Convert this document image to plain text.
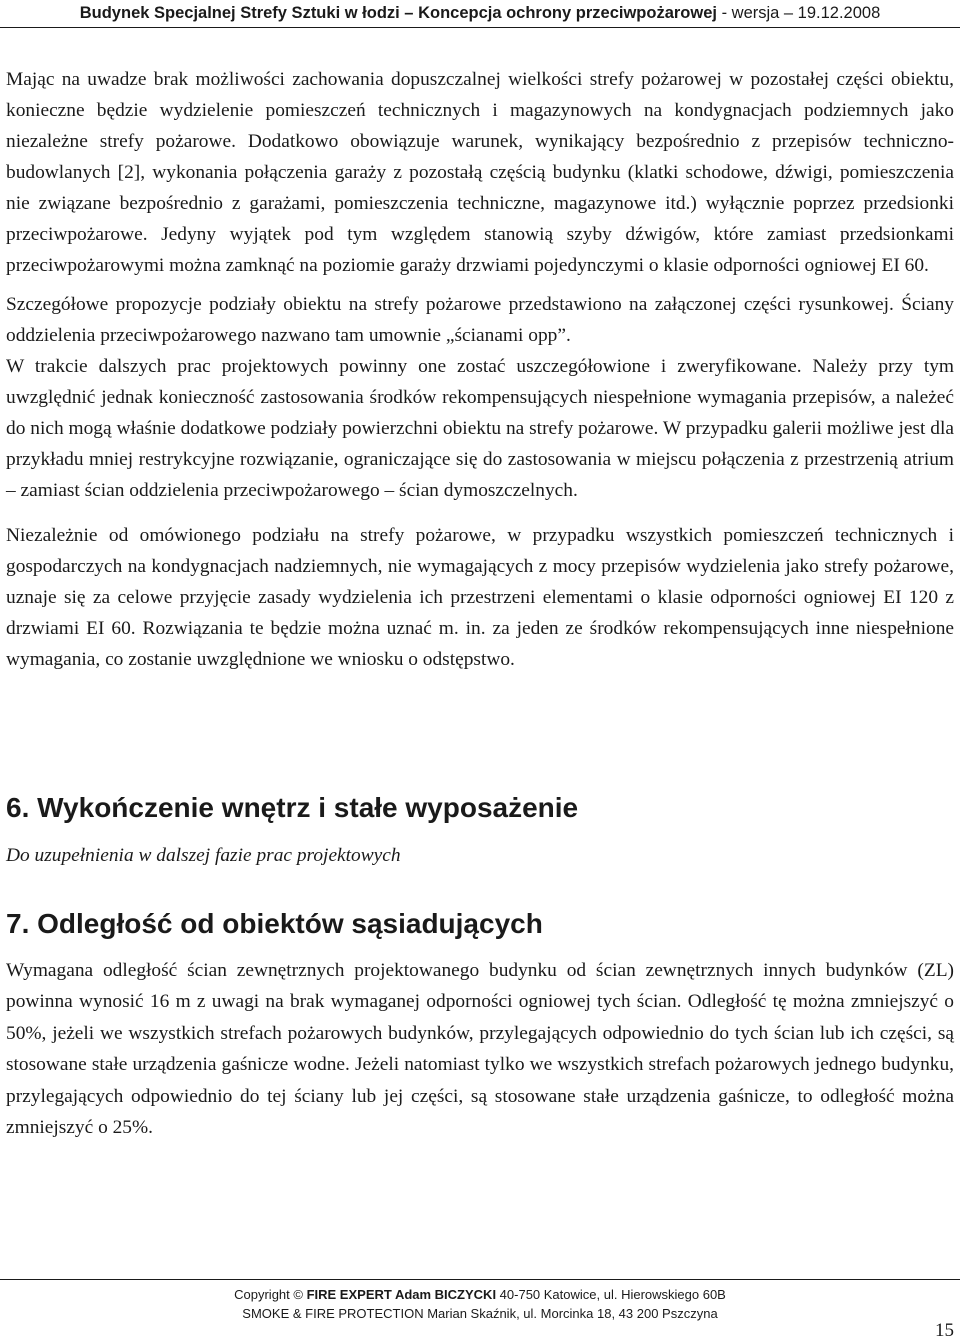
Budynek Specjalnej Strefy Sztuki w łodzi – Koncepcja ochrony przeciwpożarowej - wersja – 19.12.2008

Mając na uwadze brak możliwości zachowania dopuszczalnej wielkości strefy pożarowej w pozostałej części obiektu, konieczne będzie wydzielenie pomieszczeń technicznych i magazynowych na kondygnacjach podziemnych jako niezależne strefy pożarowe. Dodatkowo obowiązuje warunek, wynikający bezpośrednio z przepisów techniczno-budowlanych [2], wykonania połączenia garaży z pozostałą częścią budynku (klatki schodowe, dźwigi, pomieszczenia nie związane bezpośrednio z garażami, pomieszczenia techniczne, magazynowe itd.) wyłącznie poprzez przedsionki przeciwpożarowe. Jedyny wyjątek pod tym względem stanowią szyby dźwigów, które zamiast przedsionkami przeciwpożarowymi można zamknąć na poziomie garaży drzwiami pojedynczymi o klasie odporności ogniowej EI 60.

Szczegółowe propozycje podziały obiektu na strefy pożarowe przedstawiono na załączonej części rysunkowej. Ściany oddzielenia przeciwpożarowego nazwano tam umownie „ścianami opp”.

W trakcie dalszych prac projektowych powinny one zostać uszczegółowione i zweryfikowane. Należy przy tym uwzględnić jednak konieczność zastosowania środków rekompensujących niespełnione wymagania przepisów, a należeć do nich mogą właśnie dodatkowe podziały powierzchni obiektu na strefy pożarowe. W przypadku galerii możliwe jest dla przykładu mniej restrykcyjne rozwiązanie, ograniczające się do zastosowania w miejscu połączenia z przestrzenią atrium – zamiast ścian oddzielenia przeciwpożarowego – ścian dymoszczelnych.

Niezależnie od omówionego podziału na strefy pożarowe, w przypadku wszystkich pomieszczeń technicznych i gospodarczych na kondygnacjach nadziemnych, nie wymagających z mocy przepisów wydzielenia jako strefy pożarowe, uznaje się za celowe przyjęcie zasady wydzielenia ich przestrzeni elementami o klasie odporności ogniowej EI 120 z drzwiami EI 60. Rozwiązania te będzie można uznać m. in. za jeden ze środków rekompensujących inne niespełnione wymagania, co zostanie uwzględnione we wniosku o odstępstwo.

6. Wykończenie wnętrz i stałe wyposażenie

Do uzupełnienia w dalszej fazie prac projektowych

7. Odległość od obiektów sąsiadujących

Wymagana odległość ścian zewnętrznych projektowanego budynku od ścian zewnętrznych innych budynków (ZL) powinna wynosić 16 m z uwagi na brak wymaganej odporności ogniowej tych ścian. Odległość tę można zmniejszyć o 50%, jeżeli we wszystkich strefach pożarowych budynków, przylegających odpowiednio do tych ścian lub ich części, są stosowane stałe urządzenia gaśnicze wodne. Jeżeli natomiast tylko we wszystkich strefach pożarowych jednego budynku, przylegających odpowiednio do tej ściany lub jej części, są stosowane stałe urządzenia gaśnicze, to odległość można zmniejszyć o 25%.

Copyright © FIRE EXPERT Adam BICZYCKI 40-750 Katowice, ul. Hierowskiego 60B
SMOKE & FIRE PROTECTION Marian Skaźnik, ul. Morcinka 18, 43 200 Pszczyna
15
